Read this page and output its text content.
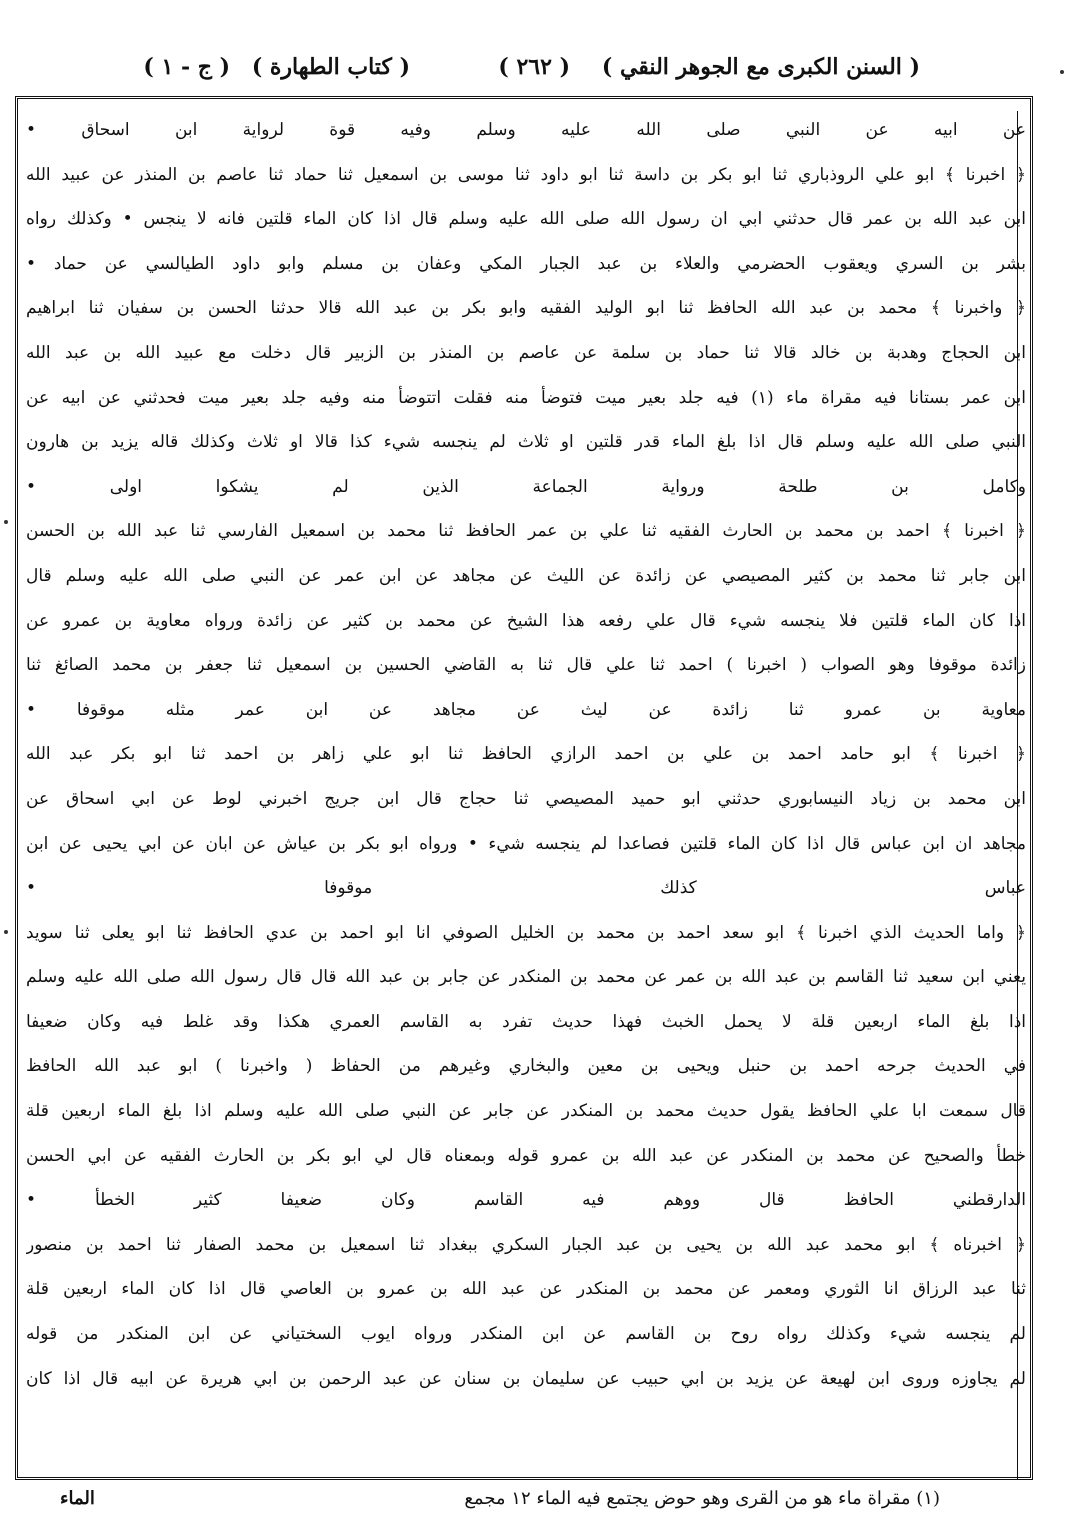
( السنن الكبرى مع الجوهر النقي )
( ٢٦٢ )
( كتاب الطهارة )
( ج - ١ )
عن ابيه عن النبي صلى الله عليه وسلم وفيه قوة لرواية ابن اسحاق •
﴿ اخبرنا ﴾ ابو علي الروذباري ثنا ابو بكر بن داسة ثنا ابو داود ثنا موسى بن اسمعيل ثنا حماد ثنا عاصم بن المنذر عن عبيد الله
ابن عبد الله بن عمر قال حدثني ابي ان رسول الله صلى الله عليه وسلم قال اذا كان الماء قلتين فانه لا ينجس • وكذلك رواه
بشر بن السري ويعقوب الحضرمي والعلاء بن عبد الجبار المكي وعفان بن مسلم وابو داود الطيالسي عن حماد •
﴿ واخبرنا ﴾ محمد بن عبد الله الحافظ ثنا ابو الوليد الفقيه وابو بكر بن عبد الله قالا حدثنا الحسن بن سفيان ثنا ابراهيم
ابن الحجاج وهدبة بن خالد قالا ثنا حماد بن سلمة عن عاصم بن المنذر بن الزبير قال دخلت مع عبيد الله بن عبد الله
ابن عمر بستانا فيه مقراة ماء (١) فيه جلد بعير ميت فتوضأ منه فقلت اتتوضأ منه وفيه جلد بعير ميت فحدثني عن ابيه عن
النبي صلى الله عليه وسلم قال اذا بلغ الماء قدر قلتين او ثلاث لم ينجسه شيء كذا قالا او ثلاث وكذلك قاله يزيد بن هارون
وكامل بن طلحة ورواية الجماعة الذين لم يشكوا اولى •
﴿ اخبرنا ﴾ احمد بن محمد بن الحارث الفقيه ثنا علي بن عمر الحافظ ثنا محمد بن اسمعيل الفارسي ثنا عبد الله بن الحسن
ابن جابر ثنا محمد بن كثير المصيصي عن زائدة عن الليث عن مجاهد عن ابن عمر عن النبي صلى الله عليه وسلم قال
اذا كان الماء قلتين فلا ينجسه شيء قال علي رفعه هذا الشيخ عن محمد بن كثير عن زائدة ورواه معاوية بن عمرو عن
زائدة موقوفا وهو الصواب ( اخبرنا ) احمد ثنا علي قال ثنا به القاضي الحسين بن اسمعيل ثنا جعفر بن محمد الصائغ ثنا
معاوية بن عمرو ثنا زائدة عن ليث عن مجاهد عن ابن عمر مثله موقوفا •
﴿ اخبرنا ﴾ ابو حامد احمد بن علي بن احمد الرازي الحافظ ثنا ابو علي زاهر بن احمد ثنا ابو بكر عبد الله
ابن محمد بن زياد النيسابوري حدثني ابو حميد المصيصي ثنا حجاج قال ابن جريج اخبرني لوط عن ابي اسحاق عن
مجاهد ان ابن عباس قال اذا كان الماء قلتين فصاعدا لم ينجسه شيء • ورواه ابو بكر بن عياش عن ابان عن ابي يحيى عن ابن
عباس كذلك موقوفا •
﴿ واما الحديث الذي اخبرنا ﴾ ابو سعد احمد بن محمد بن الخليل الصوفي انا ابو احمد بن عدي الحافظ ثنا ابو يعلى ثنا سويد
يعني ابن سعيد ثنا القاسم بن عبد الله بن عمر عن محمد بن المنكدر عن جابر بن عبد الله قال قال رسول الله صلى الله عليه وسلم
اذا بلغ الماء اربعين قلة لا يحمل الخبث فهذا حديث تفرد به القاسم العمري هكذا وقد غلط فيه وكان ضعيفا
في الحديث جرحه احمد بن حنبل ويحيى بن معين والبخاري وغيرهم من الحفاظ ( واخبرنا ) ابو عبد الله الحافظ
قال سمعت ابا علي الحافظ يقول حديث محمد بن المنكدر عن جابر عن النبي صلى الله عليه وسلم اذا بلغ الماء اربعين قلة
خطأ والصحيح عن محمد بن المنكدر عن عبد الله بن عمرو قوله وبمعناه قال لي ابو بكر بن الحارث الفقيه عن ابي الحسن
الدارقطني الحافظ قال ووهم فيه القاسم وكان ضعيفا كثير الخطأ •
﴿ اخبرناه ﴾ ابو محمد عبد الله بن يحيى بن عبد الجبار السكري ببغداد ثنا اسمعيل بن محمد الصفار ثنا احمد بن منصور
ثنا عبد الرزاق انا الثوري ومعمر عن محمد بن المنكدر عن عبد الله بن عمرو بن العاصي قال اذا كان الماء اربعين قلة
لم ينجسه شيء وكذلك رواه روح بن القاسم عن ابن المنكدر ورواه ايوب السختياني عن ابن المنكدر من قوله
لم يجاوزه وروى ابن لهيعة عن يزيد بن ابي حبيب عن سليمان بن سنان عن عبد الرحمن بن ابي هريرة عن ابيه قال اذا كان
(١) مقراة ماء هو من القرى وهو حوض يجتمع فيه الماء ١٢ مجمع
الماء
